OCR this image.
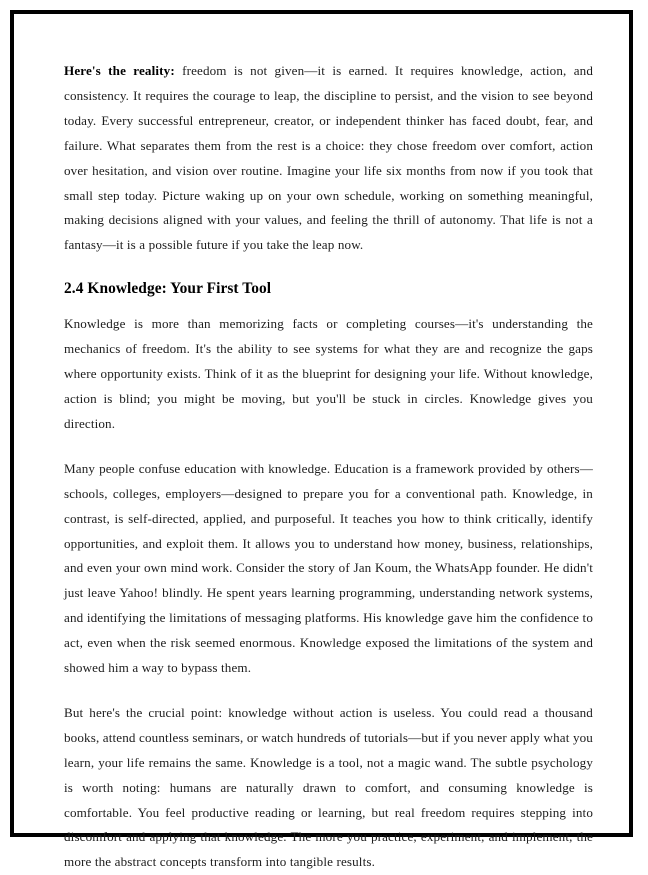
Here's the reality: freedom is not given—it is earned. It requires knowledge, action, and consistency. It requires the courage to leap, the discipline to persist, and the vision to see beyond today. Every successful entrepreneur, creator, or independent thinker has faced doubt, fear, and failure. What separates them from the rest is a choice: they chose freedom over comfort, action over hesitation, and vision over routine. Imagine your life six months from now if you took that small step today. Picture waking up on your own schedule, working on something meaningful, making decisions aligned with your values, and feeling the thrill of autonomy. That life is not a fantasy—it is a possible future if you take the leap now.

2.4 Knowledge: Your First Tool

Knowledge is more than memorizing facts or completing courses—it's understanding the mechanics of freedom. It's the ability to see systems for what they are and recognize the gaps where opportunity exists. Think of it as the blueprint for designing your life. Without knowledge, action is blind; you might be moving, but you'll be stuck in circles. Knowledge gives you direction.

Many people confuse education with knowledge. Education is a framework provided by others—schools, colleges, employers—designed to prepare you for a conventional path. Knowledge, in contrast, is self-directed, applied, and purposeful. It teaches you how to think critically, identify opportunities, and exploit them. It allows you to understand how money, business, relationships, and even your own mind work. Consider the story of Jan Koum, the WhatsApp founder. He didn't just leave Yahoo! blindly. He spent years learning programming, understanding network systems, and identifying the limitations of messaging platforms. His knowledge gave him the confidence to act, even when the risk seemed enormous. Knowledge exposed the limitations of the system and showed him a way to bypass them.

But here's the crucial point: knowledge without action is useless. You could read a thousand books, attend countless seminars, or watch hundreds of tutorials—but if you never apply what you learn, your life remains the same. Knowledge is a tool, not a magic wand. The subtle psychology is worth noting: humans are naturally drawn to comfort, and consuming knowledge is comfortable. You feel productive reading or learning, but real freedom requires stepping into discomfort and applying that knowledge. The more you practice, experiment, and implement, the more the abstract concepts transform into tangible results.
